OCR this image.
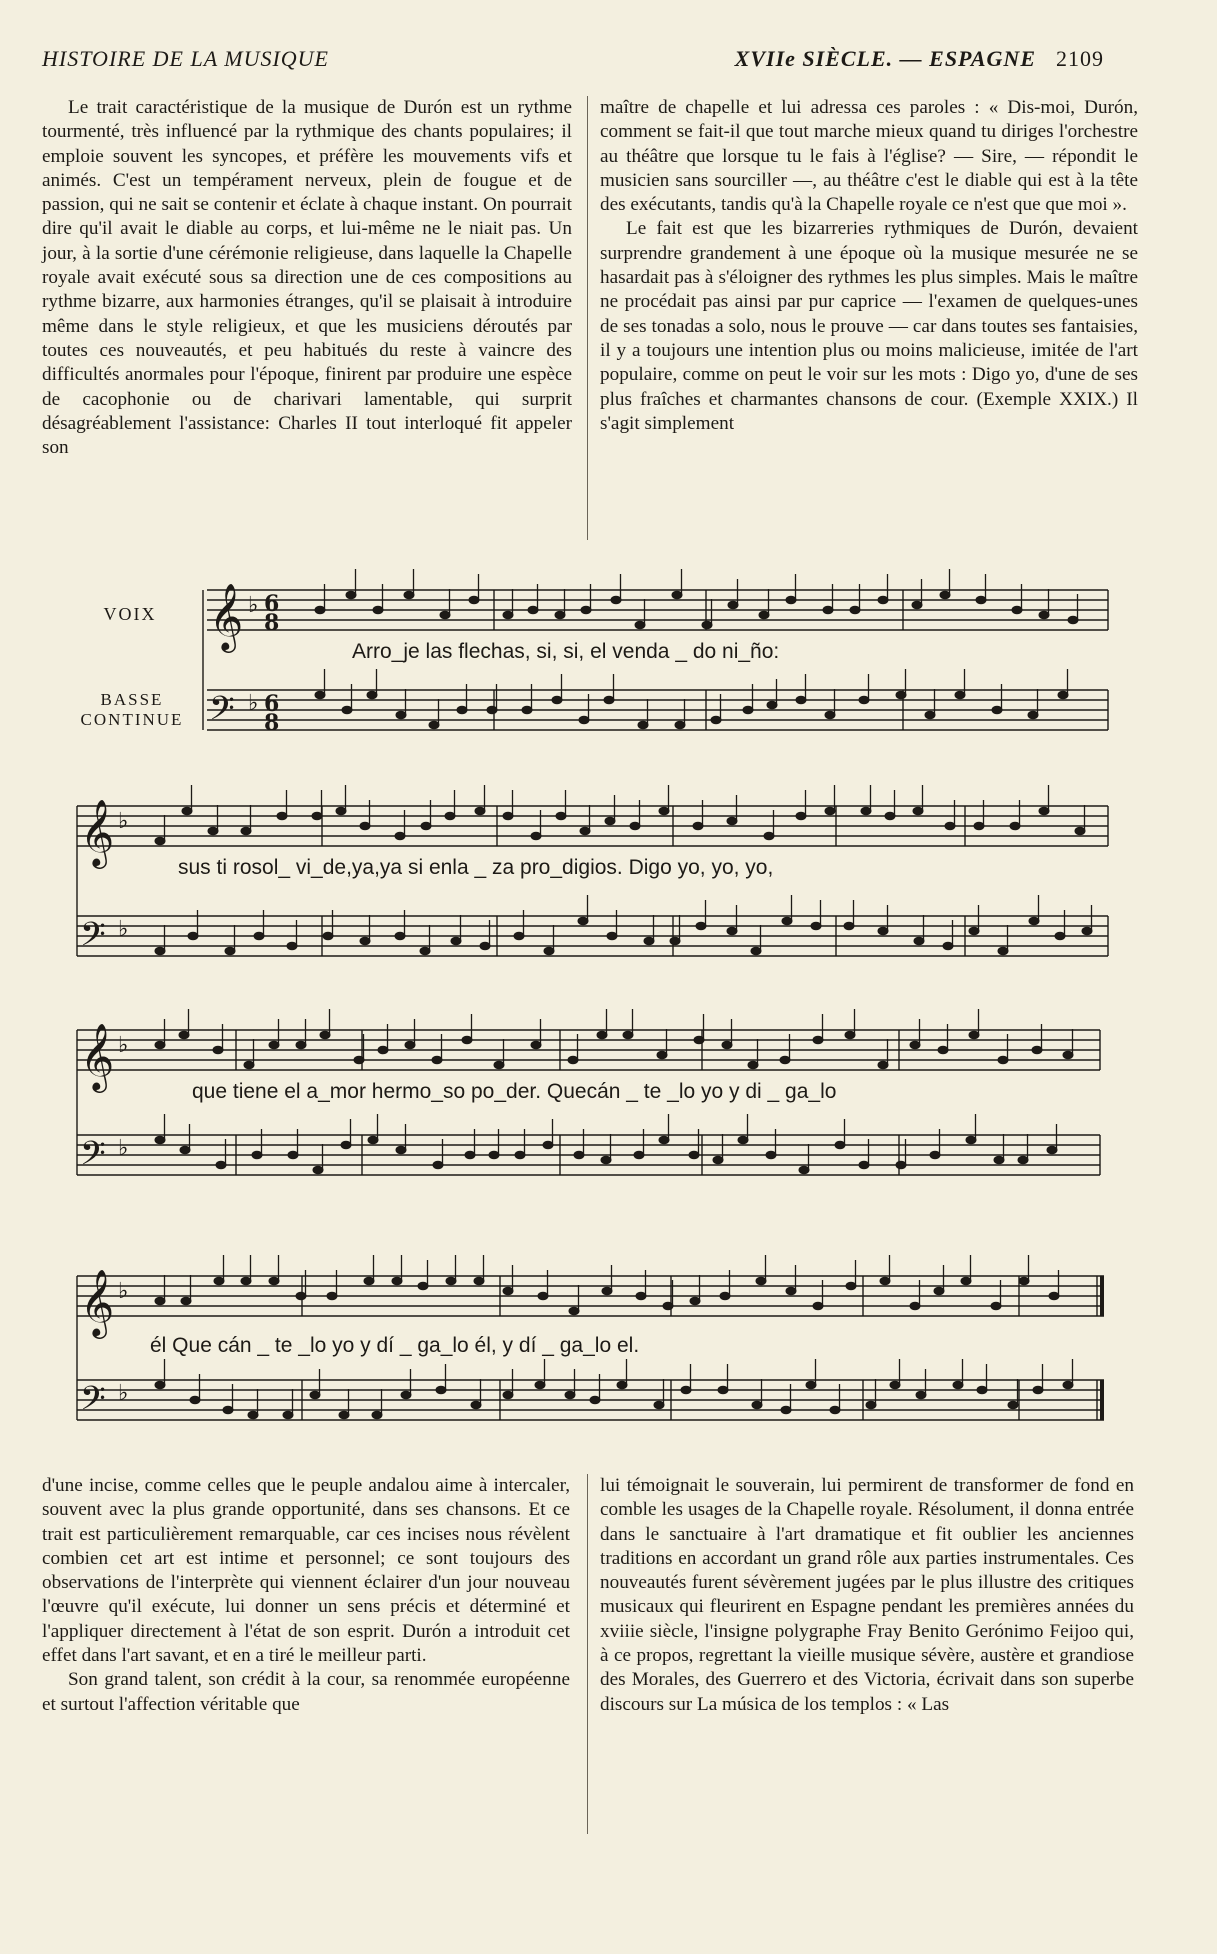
HISTOIRE DE LA MUSIQUE	XVIIe SIÈCLE. — ESPAGNE 2109

Le trait caractéristique de la musique de Durón est un rythme tourmenté, très influencé par la rythmique des chants populaires; il emploie souvent les syncopes, et préfère les mouvements vifs et animés. C'est un tempérament nerveux, plein de fougue et de passion, qui ne sait se contenir et éclate à chaque instant. On pourrait dire qu'il avait le diable au corps, et lui-même ne le niait pas. Un jour, à la sortie d'une cérémonie religieuse, dans laquelle la Chapelle royale avait exécuté sous sa direction une de ces compositions au rythme bizarre, aux harmonies étranges, qu'il se plaisait à introduire même dans le style religieux, et que les musiciens déroutés par toutes ces nouveautés, et peu habitués du reste à vaincre des difficultés anormales pour l'époque, finirent par produire une espèce de cacophonie ou de charivari lamentable, qui surprit désagréablement l'assistance: Charles II tout interloqué fit appeler son

maître de chapelle et lui adressa ces paroles : « Dis-moi, Durón, comment se fait-il que tout marche mieux quand tu diriges l'orchestre au théâtre que lorsque tu le fais à l'église? — Sire, — répondit le musicien sans sourciller —, au théâtre c'est le diable qui est à la tête des exécutants, tandis qu'à la Chapelle royale ce n'est que que moi ».

Le fait est que les bizarreries rythmiques de Durón, devaient surprendre grandement à une époque où la musique mesurée ne se hasardait pas à s'éloigner des rythmes les plus simples. Mais le maître ne procédait pas ainsi par pur caprice — l'examen de quelques-unes de ses tonadas a solo, nous le prouve — car dans toutes ses fantaisies, il y a toujours une intention plus ou moins malicieuse, imitée de l'art populaire, comme on peut le voir sur les mots : Digo yo, d'une de ses plus fraîches et charmantes chansons de cour. (Exemple XXIX.) Il s'agit simplement

VOIX
BASSE CONTINUE
𝄞
𝄢
♭
♭
6
8
6
8
𝄞
𝄢
♭
♭
𝄞
𝄢
♭
♭
𝄞
𝄢
♭
♭
Arro_je las flechas, si, si, el venda _ do ni_ño:
sus ti rosol_ vi_de,ya,ya si enla _ za pro_digios. Digo yo, yo, yo,
que tiene el a_mor hermo_so po_der. Quecán _ te _lo yo y di _ ga_lo
él Que cán _ te _lo yo y dí _ ga_lo él, y dí _ ga_lo el.

d'une incise, comme celles que le peuple andalou aime à intercaler, souvent avec la plus grande opportunité, dans ses chansons. Et ce trait est particulièrement remarquable, car ces incises nous révèlent combien cet art est intime et personnel; ce sont toujours des observations de l'interprète qui viennent éclairer d'un jour nouveau l'œuvre qu'il exécute, lui donner un sens précis et déterminé et l'appliquer directement à l'état de son esprit. Durón a introduit cet effet dans l'art savant, et en a tiré le meilleur parti.

Son grand talent, son crédit à la cour, sa renommée européenne et surtout l'affection véritable que

lui témoignait le souverain, lui permirent de transformer de fond en comble les usages de la Chapelle royale. Résolument, il donna entrée dans le sanctuaire à l'art dramatique et fit oublier les anciennes traditions en accordant un grand rôle aux parties instrumentales. Ces nouveautés furent sévèrement jugées par le plus illustre des critiques musicaux qui fleurirent en Espagne pendant les premières années du xviiie siècle, l'insigne polygraphe Fray Benito Gerónimo Feijoo qui, à ce propos, regrettant la vieille musique sévère, austère et grandiose des Morales, des Guerrero et des Victoria, écrivait dans son superbe discours sur La música de los templos : « Las
